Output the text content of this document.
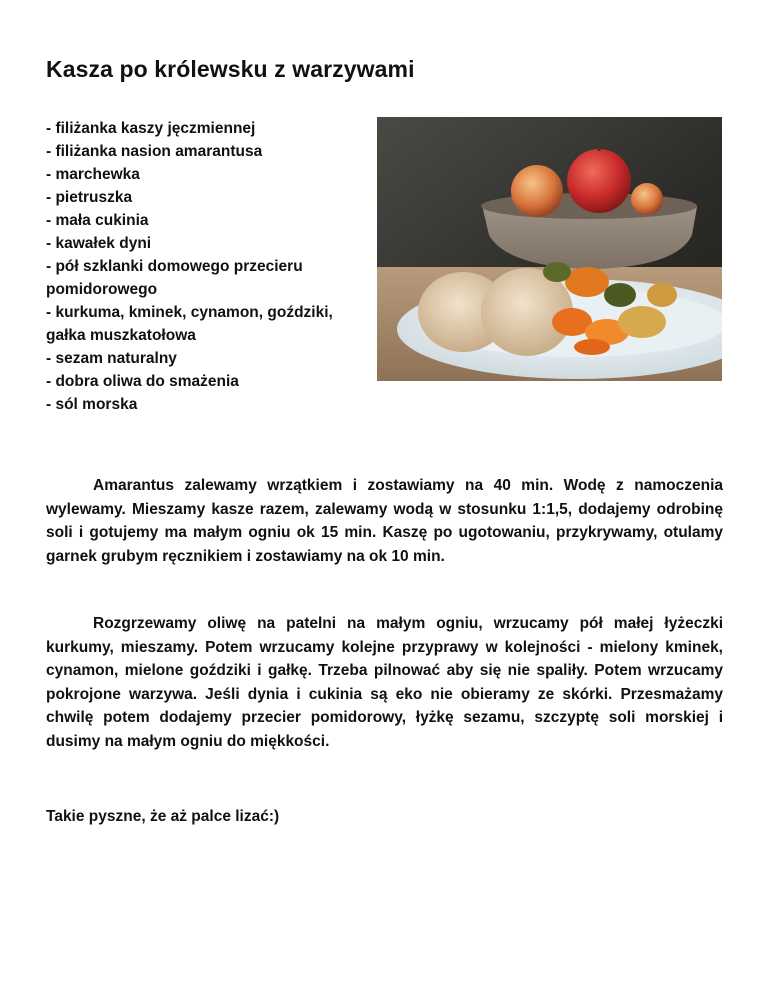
Kasza po królewsku z warzywami
- filiżanka kaszy jęczmiennej
- filiżanka nasion amarantusa
- marchewka
- pietruszka
- mała cukinia
- kawałek dyni
- pół szklanki domowego przecieru pomidorowego
- kurkuma, kminek, cynamon, goździki, gałka muszkatołowa
- sezam naturalny
- dobra oliwa do smażenia
- sól morska

Amarantus zalewamy wrzątkiem i zostawiamy na 40 min. Wodę z namoczenia wylewamy. Mieszamy kasze razem, zalewamy wodą w stosunku 1:1,5, dodajemy odrobinę soli i gotujemy ma małym ogniu ok 15 min. Kaszę po ugotowaniu, przykrywamy, otulamy garnek grubym ręcznikiem i zostawiamy na ok 10 min.

Rozgrzewamy oliwę na patelni na małym ogniu, wrzucamy pół małej łyżeczki kurkumy, mieszamy. Potem wrzucamy kolejne przyprawy w kolejności - mielony kminek, cynamon, mielone goździki i gałkę. Trzeba pilnować aby się nie spaliły. Potem wrzucamy pokrojone warzywa. Jeśli dynia i cukinia są eko nie obieramy ze skórki. Przesmażamy chwilę potem dodajemy przecier pomidorowy, łyżkę sezamu, szczyptę soli morskiej i dusimy na małym ogniu do miękkości.

Takie pyszne, że aż palce lizać:)
